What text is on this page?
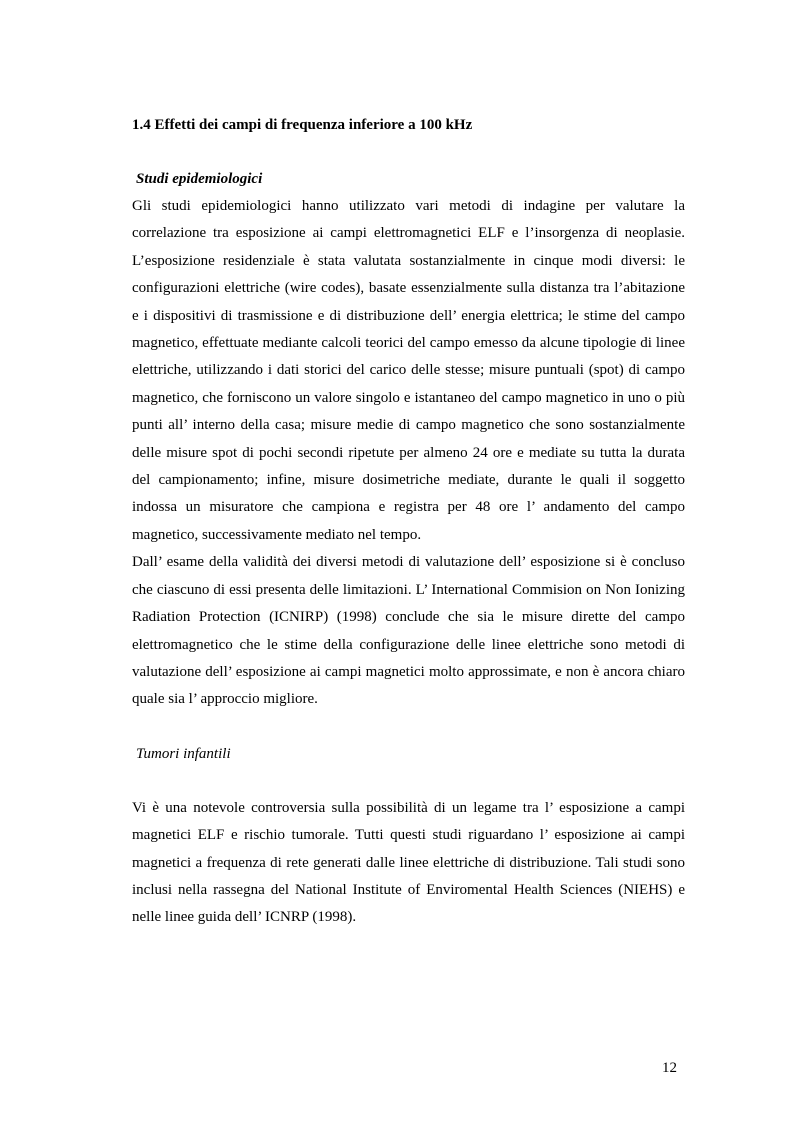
1.4 Effetti dei campi di frequenza inferiore a 100 kHz
Studi epidemiologici

Gli studi epidemiologici hanno utilizzato vari metodi di indagine per valutare la correlazione tra esposizione ai campi elettromagnetici ELF e l’insorgenza di neoplasie. L’esposizione residenziale è stata valutata sostanzialmente in cinque modi diversi: le configurazioni elettriche (wire codes), basate essenzialmente sulla distanza tra l’abitazione e i dispositivi di trasmissione e di distribuzione dell’ energia elettrica; le stime del campo magnetico, effettuate mediante calcoli teorici del campo emesso da alcune tipologie di linee elettriche, utilizzando i dati storici del carico delle stesse; misure puntuali (spot) di campo magnetico, che forniscono un valore singolo e istantaneo del campo magnetico in uno o più punti all’ interno della casa; misure medie di campo magnetico che sono sostanzialmente delle misure spot di pochi secondi ripetute per almeno 24 ore e mediate su tutta la durata del campionamento; infine, misure dosimetriche mediate, durante le quali il soggetto indossa un misuratore che campiona e registra per 48 ore l’ andamento del campo magnetico, successivamente mediato nel tempo.

Dall’ esame della validità dei diversi metodi di valutazione dell’ esposizione si è concluso che ciascuno di essi presenta delle limitazioni. L’ International Commision on Non Ionizing Radiation Protection (ICNIRP) (1998) conclude che sia le misure dirette del campo elettromagnetico che le stime della configurazione delle linee elettriche sono metodi di valutazione dell’ esposizione ai campi magnetici molto approssimate, e non è ancora chiaro quale sia l’ approccio migliore.

Tumori infantili

Vi è una notevole controversia sulla possibilità di un legame tra l’ esposizione a campi magnetici ELF e rischio tumorale. Tutti questi studi riguardano l’ esposizione ai campi magnetici a frequenza di rete generati dalle linee elettriche di distribuzione. Tali studi sono inclusi nella rassegna del National Institute of Enviromental Health Sciences (NIEHS) e nelle linee guida dell’ ICNRP (1998).

12
